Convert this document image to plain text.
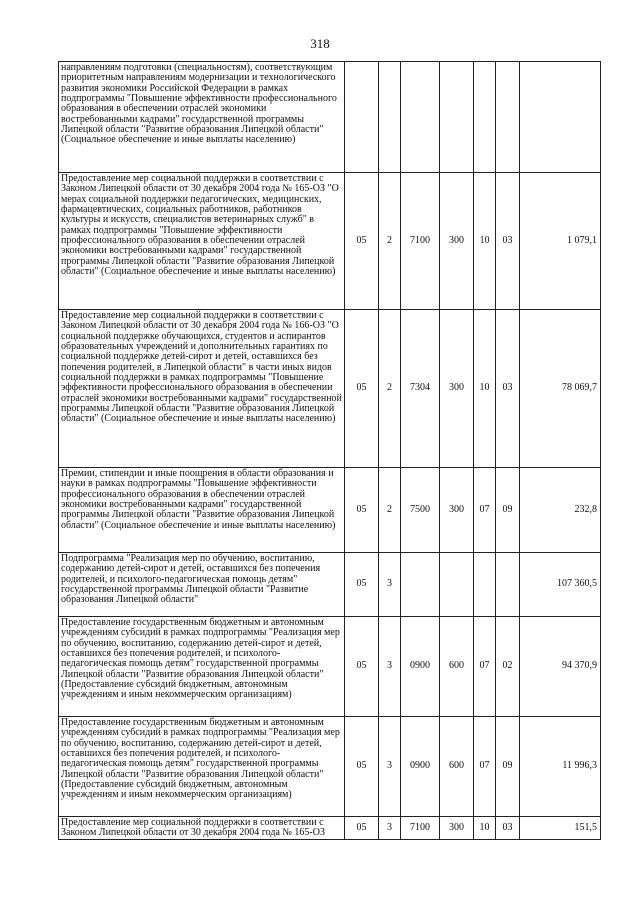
318
направлениям подготовки (специальностям), соответствующим приоритетным направлениям модернизации и технологического развития экономики Российской Федерации в рамках подпрограммы "Повышение эффективности профессионального образования в обеспечении отраслей экономики востребованными кадрами" государственной программы Липецкой области "Развитие образования Липецкой области" (Социальное обеспечение и иные выплаты населению)							
Предоставление мер социальной поддержки в соответствии с Законом Липецкой области от 30 декабря 2004 года № 165-ОЗ "О мерах социальной поддержки педагогических, медицинских, фармацевтических, социальных работников, работников культуры и искусств, специалистов ветеринарных служб" в рамках подпрограммы "Повышение эффективности профессионального образования в обеспечении отраслей экономики востребованными кадрами" государственной программы Липецкой области "Развитие образования Липецкой области" (Социальное обеспечение и иные выплаты населению)	05	2	7100	300	10	03	1 079,1
Предоставление мер социальной поддержки в соответствии с Законом Липецкой области от 30 декабря 2004 года № 166-ОЗ "О социальной поддержке обучающихся, студентов и аспирантов образовательных учреждений и дополнительных гарантиях по социальной поддержке детей-сирот и детей, оставшихся без попечения родителей, в Липецкой области" в части иных видов социальной поддержки в рамках подпрограммы "Повышение эффективности профессионального образования в обеспечении отраслей экономики востребованными кадрами" государственной программы Липецкой области "Развитие образования Липецкой области" (Социальное обеспечение и иные выплаты населению)	05	2	7304	300	10	03	78 069,7
Премии, стипендии и иные поощрения в области образования и науки в рамках подпрограммы "Повышение эффективности профессионального образования в обеспечении отраслей экономики востребованными кадрами" государственной программы Липецкой области "Развитие образования Липецкой области" (Социальное обеспечение и иные выплаты населению)	05	2	7500	300	07	09	232,8
Подпрограмма "Реализация мер по обучению, воспитанию, содержанию детей-сирот и детей, оставшихся без попечения родителей, и психолого-педагогическая помощь детям" государственной программы Липецкой области "Развитие образования Липецкой области"	05	3					107 360,5
Предоставление государственным бюджетным и автономным учреждениям субсидий в рамках подпрограммы "Реализация мер по обучению, воспитанию, содержанию детей-сирот и детей, оставшихся без попечения родителей, и психолого-педагогическая помощь детям" государственной программы Липецкой области "Развитие образования Липецкой области" (Предоставление субсидий бюджетным, автономным учреждениям и иным некоммерческим организациям)	05	3	0900	600	07	02	94 370,9
Предоставление государственным бюджетным и автономным учреждениям субсидий в рамках подпрограммы "Реализация мер по обучению, воспитанию, содержанию детей-сирот и детей, оставшихся без попечения родителей, и психолого-педагогическая помощь детям" государственной программы Липецкой области "Развитие образования Липецкой области" (Предоставление субсидий бюджетным, автономным учреждениям и иным некоммерческим организациям)	05	3	0900	600	07	09	11 996,3
Предоставление мер социальной поддержки в соответствии с Законом Липецкой области от 30 декабря 2004 года № 165-ОЗ	05	3	7100	300	10	03	151,5
